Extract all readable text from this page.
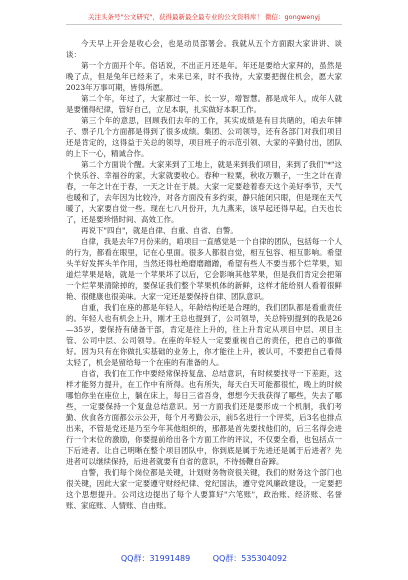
关注头条号"公文研究"，获得最新最全最专业的公文资料库！ 微信：gongwenyj

今天早上开会是收心会，也是动员部署会。我就从五个方面跟大家讲讲、谈谈：

第一个方面开个年。俗话说，不出正月还是年。年还是要给大家拜的，虽然是晚了点，但是兔年已经来了，未来已来，时不我待，大家要把握住机会，愿大家2023年万事可期，皆得所愿。

第二个年，年过了，大家都过一年、长一岁，增智慧。都是成年人，成年人就是要懂得纪律，管好自己，立足本职，扎实做好本职工作。

第三个年的意思，回顾我们去年的工作，其实成绩是有目共睹的，咱去年牌子、票子几个方面都是得到了很多成绩。集团、公司领导，还有各部门对我们项目还是肯定的，这得益于关总的领导，项目班子的示范引领、大家的辛勤付出，团队的上下一心，精诚合作。

第二个方面说个醒。大家来到了工地上，就是来到我们项目，来到了我们"*"这个快乐谷、幸福谷的家，大家就要收心。春种一粒粟，秋收万颗子，一生之计在青春，一年之计在于春，一天之计在于晨。大家一定要趁着春天这个美好季节，天气也暖和了，去年因为比较冷，对各方面没有多约束，静只能闭只眼，但是现在天气暖了，大家要自觉一些。现在七八月份开，九九燕来，该早起还得早起，白天也长了，还是要珍惜时间、高效工作。

再说下"四自"，就是自律、自重、自省、自警。

自律，我是去年7月份来的，咱项目一直感觉是一个自律的团队，包括每一个人的行为，都看在眼里，记在心里面。很多人都很自觉，相互包容、相互影响。希望头羊好发挥头羊作用，当然还得杜绝磨磨蹭蹭，希望有些人不要当那个烂苹果，知道烂苹果是啥，就是一个苹果坏了以后，它会影响其他苹果，但是我们肯定会把第一个烂苹果清除掉的，要保证我们整个苹果机体的新鲜，这样才能给别人看着很鲜艳、很健康也很美味。大家一定还是要保持自律、团队意识。

自重，我们在座的都是年轻人，年龄结构还是合理的，我们团队都是看重责任的。年轻人也有机会上升，刚才王总也提到了，公司领导，关总特别提到的我是26—35岁，要保持有储备干部，肯定是往上升的，往上升肯定从项目中层、项目主管、公司中层、公司领导。在座的年轻人一定要重视自己的责任，把自己的事做好。因为只有在你做扎实基础的业务上，你才能往上升，被认可，不要把自己看得太轻了，机会是留给每一个在座的有准备的人。

自省，我们在工作中要经常保持复盘、总结意识，有时候要找寻一下差距，这样才能努力提升，在工作中有所得。也有所失，每天白天可能都很忙，晚上的时候哪怕你坐在座位上，躺在床上，每日三省吾身，想想今天我获得了哪些，失去了哪些，一定要保持一个复盘总结意识。另一方面我们还是要形成一个机制，我们考勤、伙食各方面都公示公开，每个月考勤公示，前5名进行一个评奖，后3名也排点出来，不管是党还是乃至今年其他组织的，那都是首先要找他们的，后三名得会进行一个末位的激励，你要提前给出各个方面工作的评议，不仅要全看，也包括点一下后进者。让自己明晰在整个项目团队中，你到底是属于先进还是属于后进者？先进者可以继续保持，后进者就要有自省的意识，不待扬鞭自奋蹄。

自警，我们每个岗位都是关键，计划财务物资很关键，我们的财务这个部门也很关键，因此大家一定要遵守财经纪律、党纪国法，遵守党风廉政建设，一定要把这个思想提升。公司这边提出了每个人要算好"六笔账"，政治账、经济账、名誉账、家庭账、人情账、自由账。

QQ群：31991489	QQ群：535304092
